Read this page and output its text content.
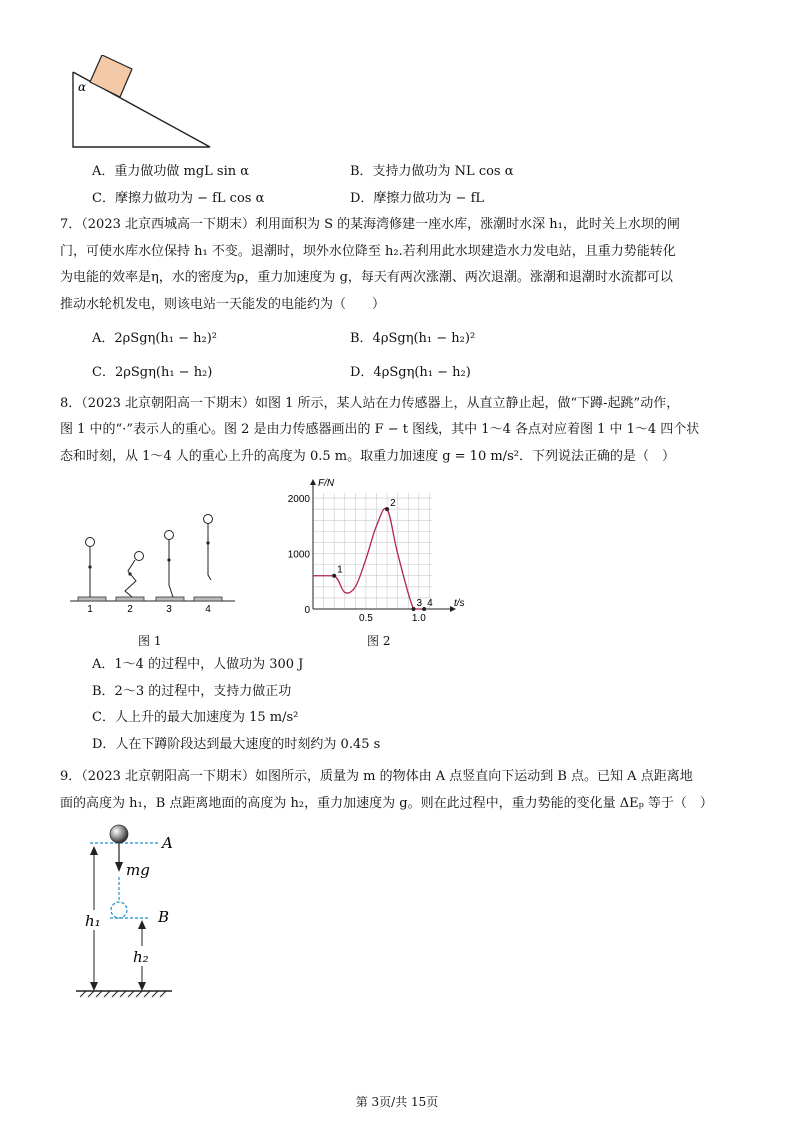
α
A．重力做功做 mgL sin α	B．支持力做功为 NL cos α
C．摩擦力做功为 − fL cos α	D．摩擦力做功为 − fL
7．（2023 北京西城高一下期末）利用面积为 S 的某海湾修建一座水库，涨潮时水深 h₁，此时关上水坝的闸
门，可使水库水位保持 h₁ 不变。退潮时，坝外水位降至 h₂.若利用此水坝建造水力发电站，且重力势能转化
为电能的效率是η，水的密度为ρ，重力加速度为 g，每天有两次涨潮、两次退潮。涨潮和退潮时水流都可以
推动水轮机发电，则该电站一天能发的电能约为（　　）
A．2ρSgη(h₁ − h₂)²	B．4ρSgη(h₁ − h₂)²
C．2ρSgη(h₁ − h₂)	D．4ρSgη(h₁ − h₂)
8．（2023 北京朝阳高一下期末）如图 1 所示，某人站在力传感器上，从直立静止起，做“下蹲-起跳”动作，
图 1 中的“·”表示人的重心。图 2 是由力传感器画出的 F − t 图线，其中 1～4 各点对应着图 1 中 1～4 四个状
态和时刻，从 1～4 人的重心上升的高度为 0.5 m。取重力加速度 g = 10 m/s²．下列说法正确的是（　）
1	2	3	4
图 1
F/N
t/s
2000
1000
0
0.5	1.0
1
2
3 4
图 2
A．1～4 的过程中，人做功为 300 J
B．2～3 的过程中，支持力做正功
C．人上升的最大加速度为 15 m/s²
D．人在下蹲阶段达到最大速度的时刻约为 0.45 s
9．（2023 北京朝阳高一下期末）如图所示，质量为 m 的物体由 A 点竖直向下运动到 B 点。已知 A 点距离地
面的高度为 h₁，B 点距离地面的高度为 h₂，重力加速度为 g。则在此过程中，重力势能的变化量 ΔEₚ 等于（　）
mg
A
B
h₁
h₂
第 3页/共 15页
